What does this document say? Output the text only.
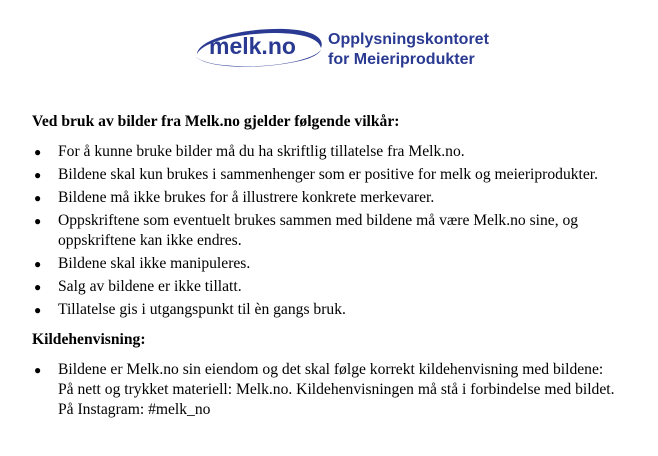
melk.no Opplysningskontoret
for Meieriprodukter

Ved bruk av bilder fra Melk.no gjelder følgende vilkår:

● For å kunne bruke bilder må du ha skriftlig tillatelse fra Melk.no.
● Bildene skal kun brukes i sammenhenger som er positive for melk og meieriprodukter.
● Bildene må ikke brukes for å illustrere konkrete merkevarer.
● Oppskriftene som eventuelt brukes sammen med bildene må være Melk.no sine, og oppskriftene kan ikke endres.
● Bildene skal ikke manipuleres.
● Salg av bildene er ikke tillatt.
● Tillatelse gis i utgangspunkt til èn gangs bruk.

Kildehenvisning:

● Bildene er Melk.no sin eiendom og det skal følge korrekt kildehenvisning med bildene:
På nett og trykket materiell: Melk.no. Kildehenvisningen må stå i forbindelse med bildet.
På Instagram: #melk_no
